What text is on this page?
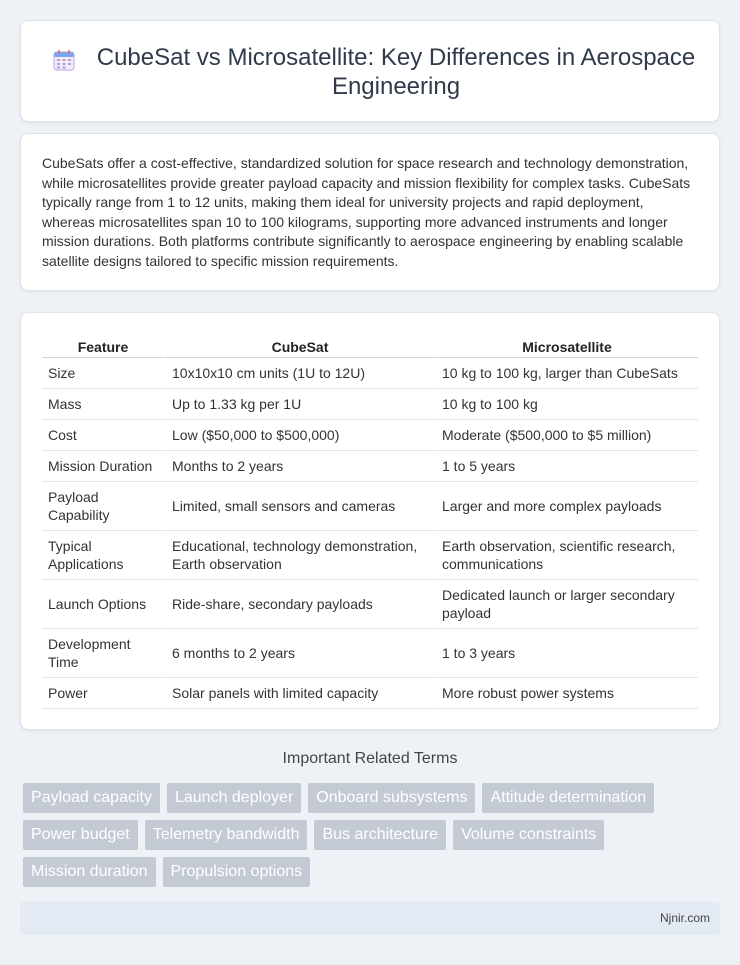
CubeSat vs Microsatellite: Key Differences in Aerospace Engineering

CubeSats offer a cost-effective, standardized solution for space research and technology demonstration, while microsatellites provide greater payload capacity and mission flexibility for complex tasks. CubeSats typically range from 1 to 12 units, making them ideal for university projects and rapid deployment, whereas microsatellites span 10 to 100 kilograms, supporting more advanced instruments and longer mission durations. Both platforms contribute significantly to aerospace engineering by enabling scalable satellite designs tailored to specific mission requirements.

Feature	CubeSat	Microsatellite
Size	10x10x10 cm units (1U to 12U)	10 kg to 100 kg, larger than CubeSats
Mass	Up to 1.33 kg per 1U	10 kg to 100 kg
Cost	Low ($50,000 to $500,000)	Moderate ($500,000 to $5 million)
Mission Duration	Months to 2 years	1 to 5 years
Payload Capability	Limited, small sensors and cameras	Larger and more complex payloads
Typical Applications	Educational, technology demonstration, Earth observation	Earth observation, scientific research, communications
Launch Options	Ride-share, secondary payloads	Dedicated launch or larger secondary payload
Development Time	6 months to 2 years	1 to 3 years
Power	Solar panels with limited capacity	More robust power systems
Important Related Terms
Payload capacity	Launch deployer	Onboard subsystems	Attitude determination
Power budget	Telemetry bandwidth	Bus architecture	Volume constraints
Mission duration	Propulsion options
Njnir.com
